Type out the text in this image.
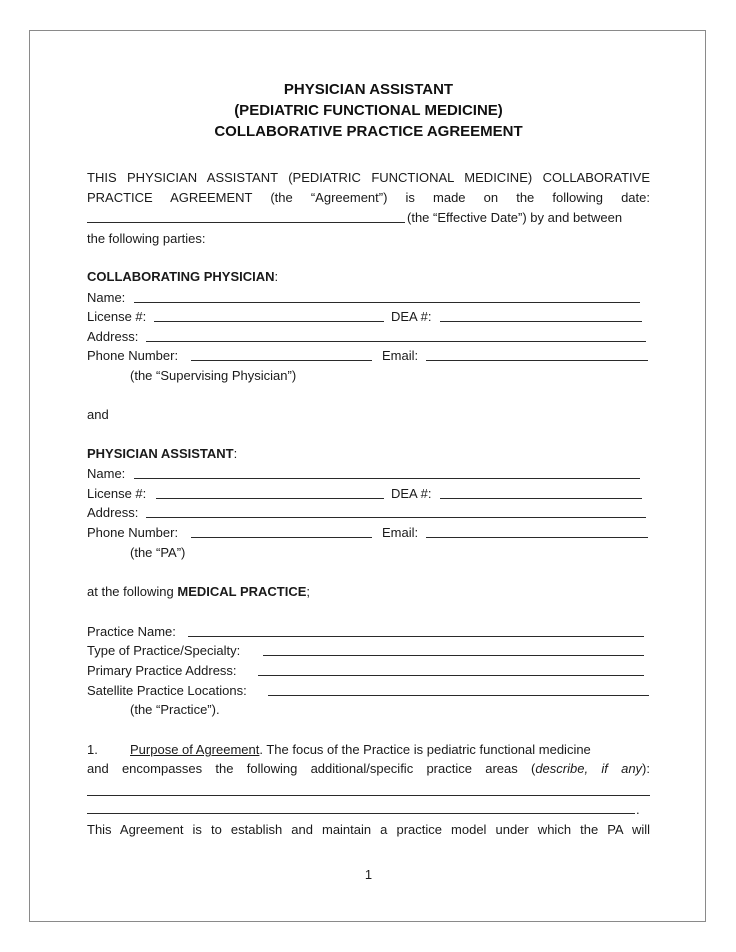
PHYSICIAN ASSISTANT
(PEDIATRIC FUNCTIONAL MEDICINE)
COLLABORATIVE PRACTICE AGREEMENT
THIS PHYSICIAN ASSISTANT (PEDIATRIC FUNCTIONAL MEDICINE) COLLABORATIVE
PRACTICE AGREEMENT (the “Agreement”) is made on the following date:
(the “Effective Date”) by and between
the following parties:
COLLABORATING PHYSICIAN:
Name:
License #:	DEA #:
Address:
Phone Number:	Email:
(the “Supervising Physician”)
and
PHYSICIAN ASSISTANT:
Name:
License #:	DEA #:
Address:
Phone Number:	Email:
(the “PA”)
at the following MEDICAL PRACTICE;
Practice Name:
Type of Practice/Specialty:
Primary Practice Address:
Satellite Practice Locations:
(the “Practice”).
1. Purpose of Agreement. The focus of the Practice is pediatric functional medicine
and encompasses the following additional/specific practice areas (describe, if any):
.
This Agreement is to establish and maintain a practice model under which the PA will
1
